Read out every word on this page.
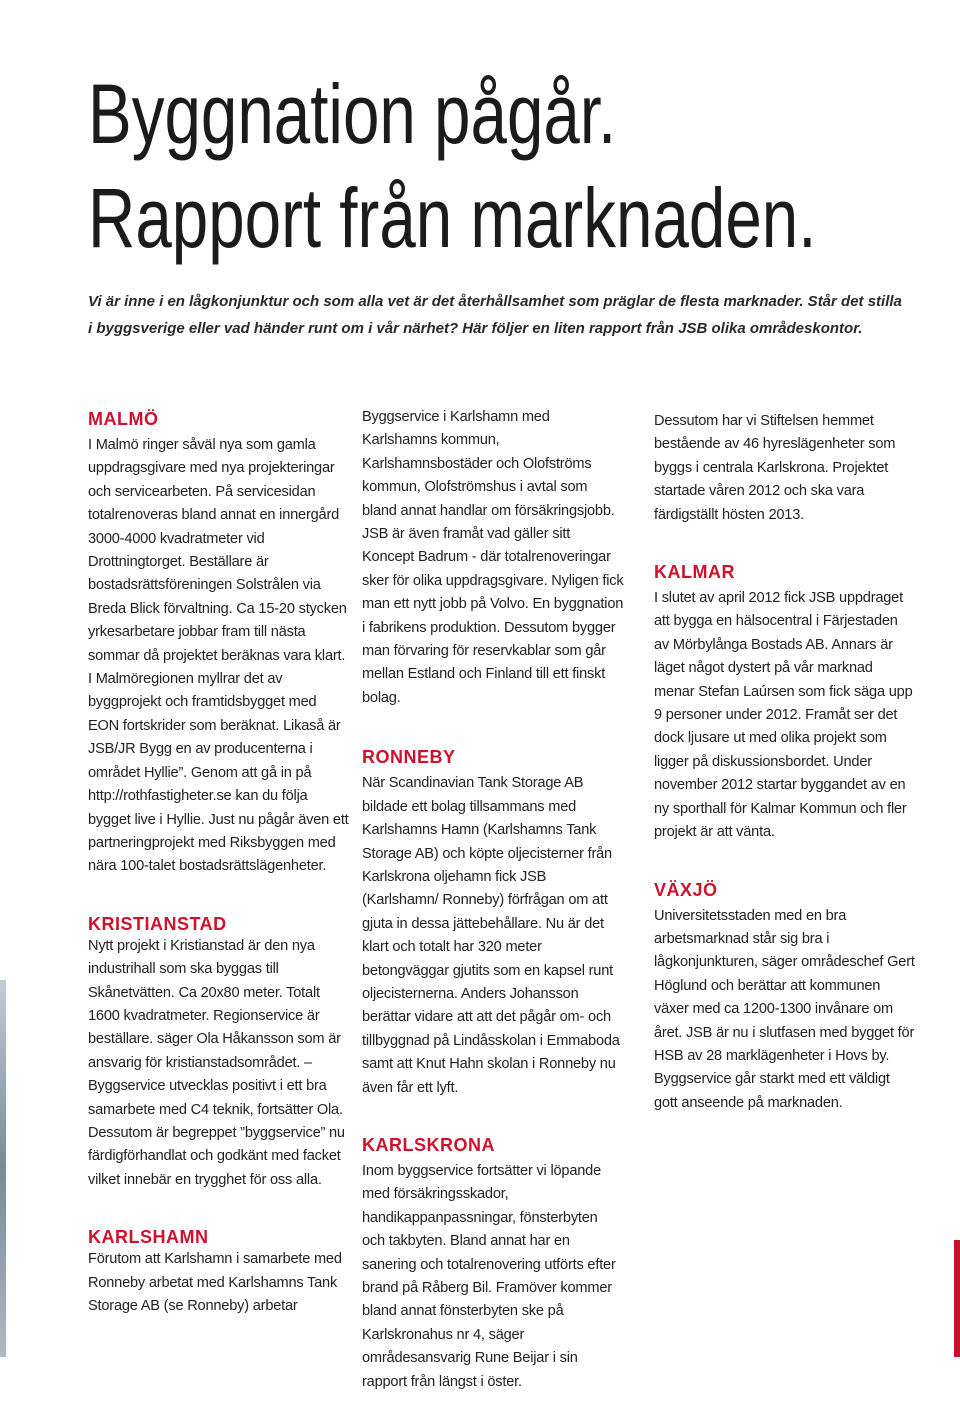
Byggnation pågår.
Rapport från marknaden.

Vi är inne i en lågkonjunktur och som alla vet är det återhållsamhet som präglar de flesta marknader. Står det stilla i byggsverige eller vad händer runt om i vår närhet? Här följer en liten rapport från JSB olika områdeskontor.

MALMÖ

I Malmö ringer såväl nya som gamla uppdragsgivare med nya projekteringar och servicearbeten. På servicesidan totalrenoveras bland annat en innergård 3000-4000 kvadratmeter vid Drottningtorget. Beställare är bostadsrättsföreningen Solstrålen via Breda Blick förvaltning. Ca 15-20 stycken yrkesarbetare jobbar fram till nästa sommar då projektet beräknas vara klart. I Malmöregionen myllrar det av byggprojekt och framtidsbygget med EON fortskrider som beräknat. Likaså är JSB/JR Bygg en av producenterna i området Hyllie”. Genom att gå in på http://rothfastigheter.se kan du följa bygget live i Hyllie. Just nu pågår även ett partneringprojekt med Riksbyggen med nära 100-talet bostadsrättslägenheter.

KRISTIANSTAD

Nytt projekt i Kristianstad är den nya industrihall som ska byggas till Skånetvätten. Ca 20x80 meter. Totalt 1600 kvadratmeter. Regionservice är beställare. säger Ola Håkansson som är ansvarig för kristianstadsområdet. – Byggservice utvecklas positivt i ett bra samarbete med C4 teknik, fortsätter Ola. Dessutom är begreppet ”byggservice” nu färdigförhandlat och godkänt med facket vilket innebär en trygghet för oss alla.

KARLSHAMN

Förutom att Karlshamn i samarbete med Ronneby arbetat med Karlshamns Tank Storage AB (se Ronneby) arbetar

Byggservice i Karlshamn med Karlshamns kommun, Karlshamnsbostäder och Olofströms kommun, Olofströmshus i avtal som bland annat handlar om försäkringsjobb. JSB är även framåt vad gäller sitt Koncept Badrum - där totalrenoveringar sker för olika uppdragsgivare. Nyligen fick man ett nytt jobb på Volvo. En byggnation i fabrikens produktion. Dessutom bygger man förvaring för reservkablar som går mellan Estland och Finland till ett finskt bolag.

RONNEBY

När Scandinavian Tank Storage AB bildade ett bolag tillsammans med Karlshamns Hamn (Karlshamns Tank Storage AB) och köpte oljecisterner från Karlskrona oljehamn fick JSB (Karlshamn/ Ronneby) förfrågan om att gjuta in dessa jättebehållare. Nu är det klart och totalt har 320 meter betongväggar gjutits som en kapsel runt oljecisternerna. Anders Johansson berättar vidare att att det pågår om- och tillbyggnad på Lindåsskolan i Emmaboda samt att Knut Hahn skolan i Ronneby nu även får ett lyft.

KARLSKRONA

Inom byggservice fortsätter vi löpande med försäkringsskador, handikappanpassningar, fönsterbyten och takbyten. Bland annat har en sanering och totalrenovering utförts efter brand på Råberg Bil. Framöver kommer bland annat fönsterbyten ske på Karlskronahus nr 4, säger områdesansvarig Rune Beijar i sin rapport från längst i öster.

Dessutom har vi Stiftelsen hemmet bestående av 46 hyreslägenheter som byggs i centrala Karlskrona. Projektet startade våren 2012 och ska vara färdigställt hösten 2013.

KALMAR

I slutet av april 2012 fick JSB uppdraget att bygga en hälsocentral i Färjestaden av Mörbylånga Bostads AB. Annars är läget något dystert på vår marknad menar Stefan Laúrsen som fick säga upp 9 personer under 2012. Framåt ser det dock ljusare ut med olika projekt som ligger på diskussionsbordet. Under november 2012 startar byggandet av en ny sporthall för Kalmar Kommun och fler projekt är att vänta.

VÄXJÖ

Universitetsstaden med en bra arbetsmarknad står sig bra i lågkonjunkturen, säger områdeschef Gert Höglund och berättar att kommunen växer med ca 1200-1300 invånare om året. JSB är nu i slutfasen med bygget för HSB av 28 marklägenheter i Hovs by. Byggservice går starkt med ett väldigt gott anseende på marknaden.
